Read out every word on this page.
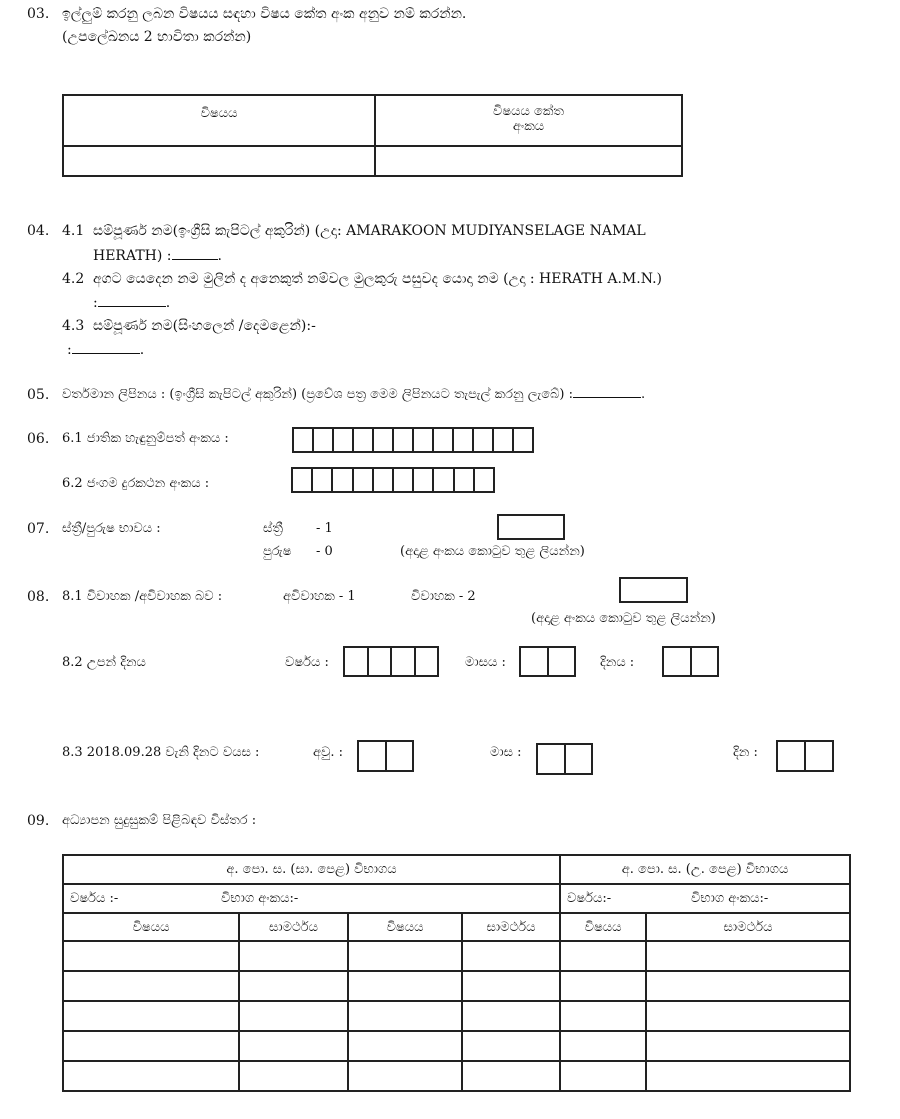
03. ඉල්ලුම් කරනු ලබන විෂයය සඳහා විෂය කේත අංක අනුව නම් කරන්න.
(උපලේඛනය 2 භාවිතා කරන්න)
විෂයය	විෂයය කේත
අංකය

04. 4.1 සම්පූර්ණ නම(ඉංග්‍රීසි කැපිටල් අකුරින්) (උදා: AMARAKOON MUDIYANSELAGE NAMAL
HERATH) :	.
4.2 අගට යෙදෙන නම මුලින් ද අනෙකුත් නම්වල මුලකුරු පසුවද යොදා නම (උදා : HERATH A.M.N.)
:	.
4.3 සම්පූර්ණ නම(සිංහලෙන් /දෙමළෙන්):-
:	.
05. වර්තමාන ලිපිනය : (ඉංග්‍රීසි කැපිටල් අකුරින්) (ප්‍රවේශ පත්‍ර මෙම ලිපිනයට තැපැල් කරනු ලැබේ) :	.
06. 6.1 ජාතික හැඳුනුම්පත් අංකය :
6.2 ජංගම දුරකථන අංකය :
07. ස්ත්‍රී/පුරුෂ භාවය :	ස්ත්‍රී	- 1
පුරුෂ - 0	(අදාළ අංකය කොටුව තුළ ලියන්න)
08. 8.1 විවාහක /අවිවාහක බව :	අවිවාහක - 1	විවාහක - 2
(අදාළ අංකය කොටුව තුළ ලියන්න)
8.2 උපන් දිනය	වර්ෂය :	මාසය :	දිනය :
8.3 2018.09.28 වැනි දිනට වයස :	අවු. :	මාස :	දින :
09. අධ්‍යාපන සුදුසුකම් පිළිබඳව විස්තර :
අ. පො. ස. (සා. පෙළ) විභාගය				අ. පො. ස. (උ. පෙළ) විභාගය	

වර්ෂය :- විභාග අංකය:-				වර්ෂය:- විභාග අංකය:-	

විෂයය	සාමර්ථය	විෂයය	සාමර්ථය	විෂයය	සාමර්ථය
